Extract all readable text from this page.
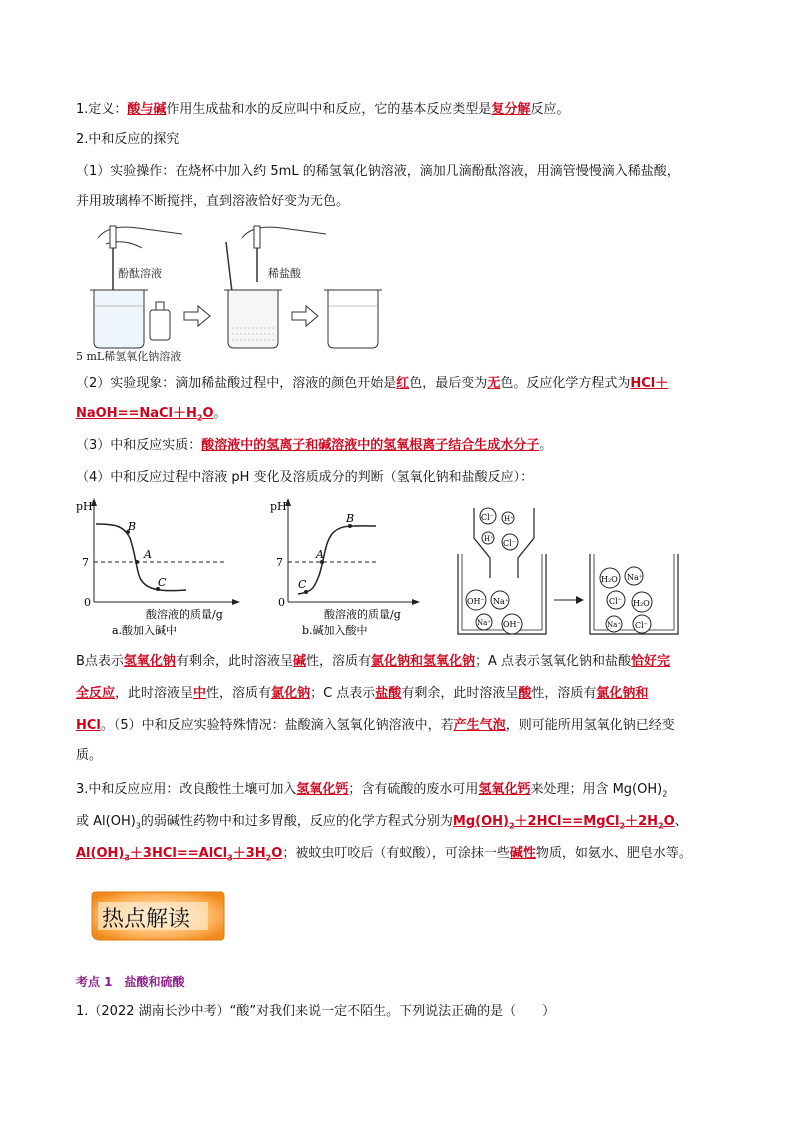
1.定义：酸与碱作用生成盐和水的反应叫中和反应，它的基本反应类型是复分解反应。
2.中和反应的探究
（1）实验操作：在烧杯中加入约 5mL 的稀氢氧化钠溶液，滴加几滴酚酞溶液，用滴管慢慢滴入稀盐酸，
并用玻璃棒不断搅拌，直到溶液恰好变为无色。
酚酞溶液	稀盐酸
5 mL稀氢氧化钠溶液
（2）实验现象：滴加稀盐酸过程中，溶液的颜色开始是红色，最后变为无色。反应化学方程式为HCl＋
$NaOH==NaCl+H_2O$。
（3）中和反应实质：酸溶液中的氢离子和碱溶液中的氢氧根离子结合生成水分子。
（4）中和反应过程中溶液 pH 变化及溶质成分的判断（氢氧化钠和盐酸反应）：
pH
7
0
B
A
C
酸溶液的质量/g
a.酸加入碱中
pH
7
0
C
A
B
酸溶液的质量/g
b.碱加入酸中
Cl⁻ H⁺
H⁺ Cl⁻
OH⁻ Na⁺
Na⁺ OH⁻
H₂O Na⁺
Cl⁻ H₂O
Na⁺ Cl⁻
B点表示氢氧化钠有剩余，此时溶液呈碱性，溶质有氯化钠和氢氧化钠；A 点表示氢氧化钠和盐酸恰好完
全反应，此时溶液呈中性，溶质有氯化钠；C 点表示盐酸有剩余，此时溶液呈酸性，溶质有氯化钠和
HCl。（5）中和反应实验特殊情况：盐酸滴入氢氧化钠溶液中，若产生气泡，则可能所用氢氧化钠已经变
质。
3.中和反应应用：改良酸性土壤可加入氢氧化钙；含有硫酸的废水可用氢氧化钙来处理；用含 $Mg(OH)_2$
或 $Al(OH)_3$的弱碱性药物中和过多胃酸，反应的化学方程式分别为$Mg(OH)_2+2HCl==MgCl_2+2H_2O$、
$Al(OH)_3+3HCl==AlCl_3+3H_2O$；被蚊虫叮咬后（有蚁酸），可涂抹一些碱性物质，如氨水、肥皂水等。
热点解读
考点 1　盐酸和硫酸
1.（2022 湖南长沙中考）“酸”对我们来说一定不陌生。下列说法正确的是（　　）
